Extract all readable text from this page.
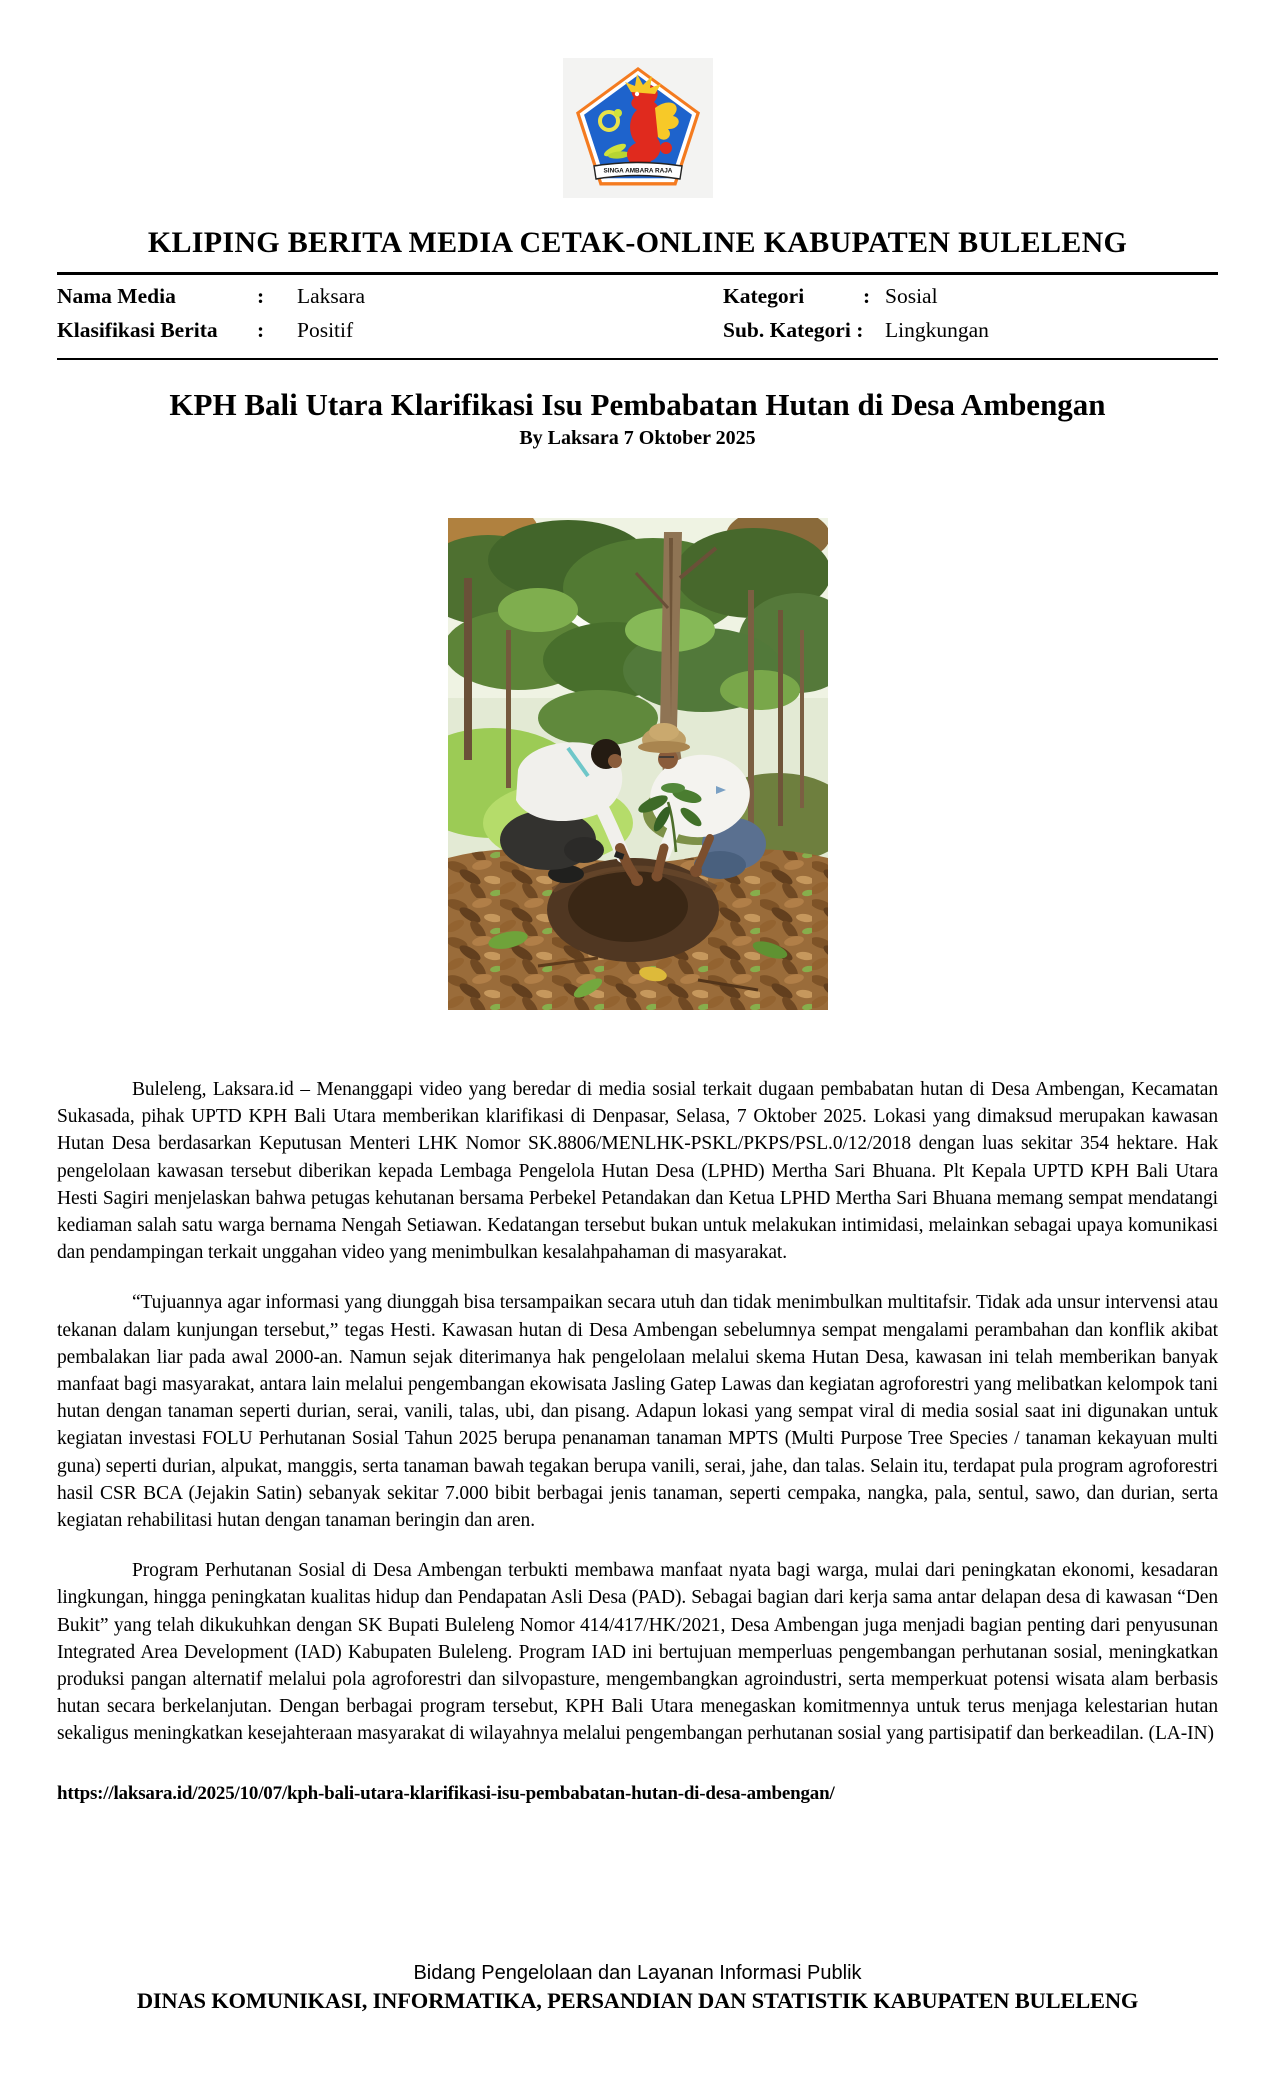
SINGA AMBARA RAJA
KLIPING BERITA MEDIA CETAK-ONLINE KABUPATEN BULELENG
Nama Media	:	Laksara	Kategori	: Sosial
Klasifikasi Berita	:	Positif	Sub. Kategori :	Lingkungan
KPH Bali Utara Klarifikasi Isu Pembabatan Hutan di Desa Ambengan
By Laksara 7 Oktober 2025

Buleleng, Laksara.id – Menanggapi video yang beredar di media sosial terkait dugaan pembabatan hutan di Desa Ambengan, Kecamatan Sukasada, pihak UPTD KPH Bali Utara memberikan klarifikasi di Denpasar, Selasa, 7 Oktober 2025. Lokasi yang dimaksud merupakan kawasan Hutan Desa berdasarkan Keputusan Menteri LHK Nomor SK.8806/MENLHK-PSKL/PKPS/PSL.0/12/2018 dengan luas sekitar 354 hektare. Hak pengelolaan kawasan tersebut diberikan kepada Lembaga Pengelola Hutan Desa (LPHD) Mertha Sari Bhuana. Plt Kepala UPTD KPH Bali Utara Hesti Sagiri menjelaskan bahwa petugas kehutanan bersama Perbekel Petandakan dan Ketua LPHD Mertha Sari Bhuana memang sempat mendatangi kediaman salah satu warga bernama Nengah Setiawan. Kedatangan tersebut bukan untuk melakukan intimidasi, melainkan sebagai upaya komunikasi dan pendampingan terkait unggahan video yang menimbulkan kesalahpahaman di masyarakat.

“Tujuannya agar informasi yang diunggah bisa tersampaikan secara utuh dan tidak menimbulkan multitafsir. Tidak ada unsur intervensi atau tekanan dalam kunjungan tersebut,” tegas Hesti. Kawasan hutan di Desa Ambengan sebelumnya sempat mengalami perambahan dan konflik akibat pembalakan liar pada awal 2000-an. Namun sejak diterimanya hak pengelolaan melalui skema Hutan Desa, kawasan ini telah memberikan banyak manfaat bagi masyarakat, antara lain melalui pengembangan ekowisata Jasling Gatep Lawas dan kegiatan agroforestri yang melibatkan kelompok tani hutan dengan tanaman seperti durian, serai, vanili, talas, ubi, dan pisang. Adapun lokasi yang sempat viral di media sosial saat ini digunakan untuk kegiatan investasi FOLU Perhutanan Sosial Tahun 2025 berupa penanaman tanaman MPTS (Multi Purpose Tree Species / tanaman kekayuan multi guna) seperti durian, alpukat, manggis, serta tanaman bawah tegakan berupa vanili, serai, jahe, dan talas. Selain itu, terdapat pula program agroforestri hasil CSR BCA (Jejakin Satin) sebanyak sekitar 7.000 bibit berbagai jenis tanaman, seperti cempaka, nangka, pala, sentul, sawo, dan durian, serta kegiatan rehabilitasi hutan dengan tanaman beringin dan aren.

Program Perhutanan Sosial di Desa Ambengan terbukti membawa manfaat nyata bagi warga, mulai dari peningkatan ekonomi, kesadaran lingkungan, hingga peningkatan kualitas hidup dan Pendapatan Asli Desa (PAD). Sebagai bagian dari kerja sama antar delapan desa di kawasan “Den Bukit” yang telah dikukuhkan dengan SK Bupati Buleleng Nomor 414/417/HK/2021, Desa Ambengan juga menjadi bagian penting dari penyusunan Integrated Area Development (IAD) Kabupaten Buleleng. Program IAD ini bertujuan memperluas pengembangan perhutanan sosial, meningkatkan produksi pangan alternatif melalui pola agroforestri dan silvopasture, mengembangkan agroindustri, serta memperkuat potensi wisata alam berbasis hutan secara berkelanjutan. Dengan berbagai program tersebut, KPH Bali Utara menegaskan komitmennya untuk terus menjaga kelestarian hutan sekaligus meningkatkan kesejahteraan masyarakat di wilayahnya melalui pengembangan perhutanan sosial yang partisipatif dan berkeadilan. (LA-IN)

https://laksara.id/2025/10/07/kph-bali-utara-klarifikasi-isu-pembabatan-hutan-di-desa-ambengan/
Bidang Pengelolaan dan Layanan Informasi Publik
DINAS KOMUNIKASI, INFORMATIKA, PERSANDIAN DAN STATISTIK KABUPATEN BULELENG
